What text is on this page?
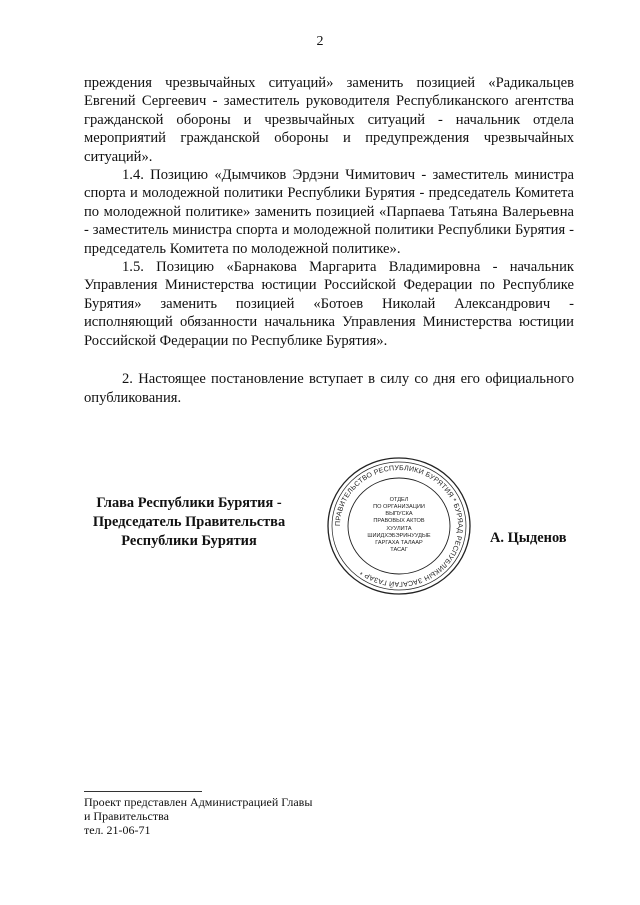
2

преждения чрезвычайных ситуаций» заменить позицией «Радикальцев Евгений Сергеевич - заместитель руководителя Республиканского агентства гражданской обороны и чрезвычайных ситуаций - начальник отдела мероприятий гражданской обороны и предупреждения чрезвычайных ситуаций».

1.4. Позицию «Дымчиков Эрдэни Чимитович - заместитель министра спорта и молодежной политики Республики Бурятия - председатель Комитета по молодежной политике» заменить позицией «Парпаева Татьяна Валерьевна - заместитель министра спорта и молодежной политики Республики Бурятия - председатель Комитета по молодежной политике».

1.5. Позицию «Барнакова Маргарита Владимировна - начальник Управления Министерства юстиции Российской Федерации по Республике Бурятия» заменить позицией «Ботоев Николай Александрович - исполняющий обязанности начальника Управления Министерства юстиции Российской Федерации по Республике Бурятия».

2. Настоящее постановление вступает в силу со дня его официального опубликования.

Глава Республики Бурятия -
Председатель Правительства
Республики Бурятия
ПРАВИТЕЛЬСТВО РЕСПУБЛИКИ БУРЯТИЯ * БУРЯАД РЕСПУБЛИКЫН ЗАСАГАЙ ГАЗАР *
ОТДЕЛ
ПО ОРГАНИЗАЦИИ
ВЫПУСКА
ПРАВОВЫХ АКТОВ
ХУУЛИТА
ШИИДХЭБЭРИНУУДЫЕ
ГАРГАХА ТАЛААР
ТАСАГ
А. Цыденов
Проект представлен Администрацией Главы
и Правительства
тел. 21-06-71
